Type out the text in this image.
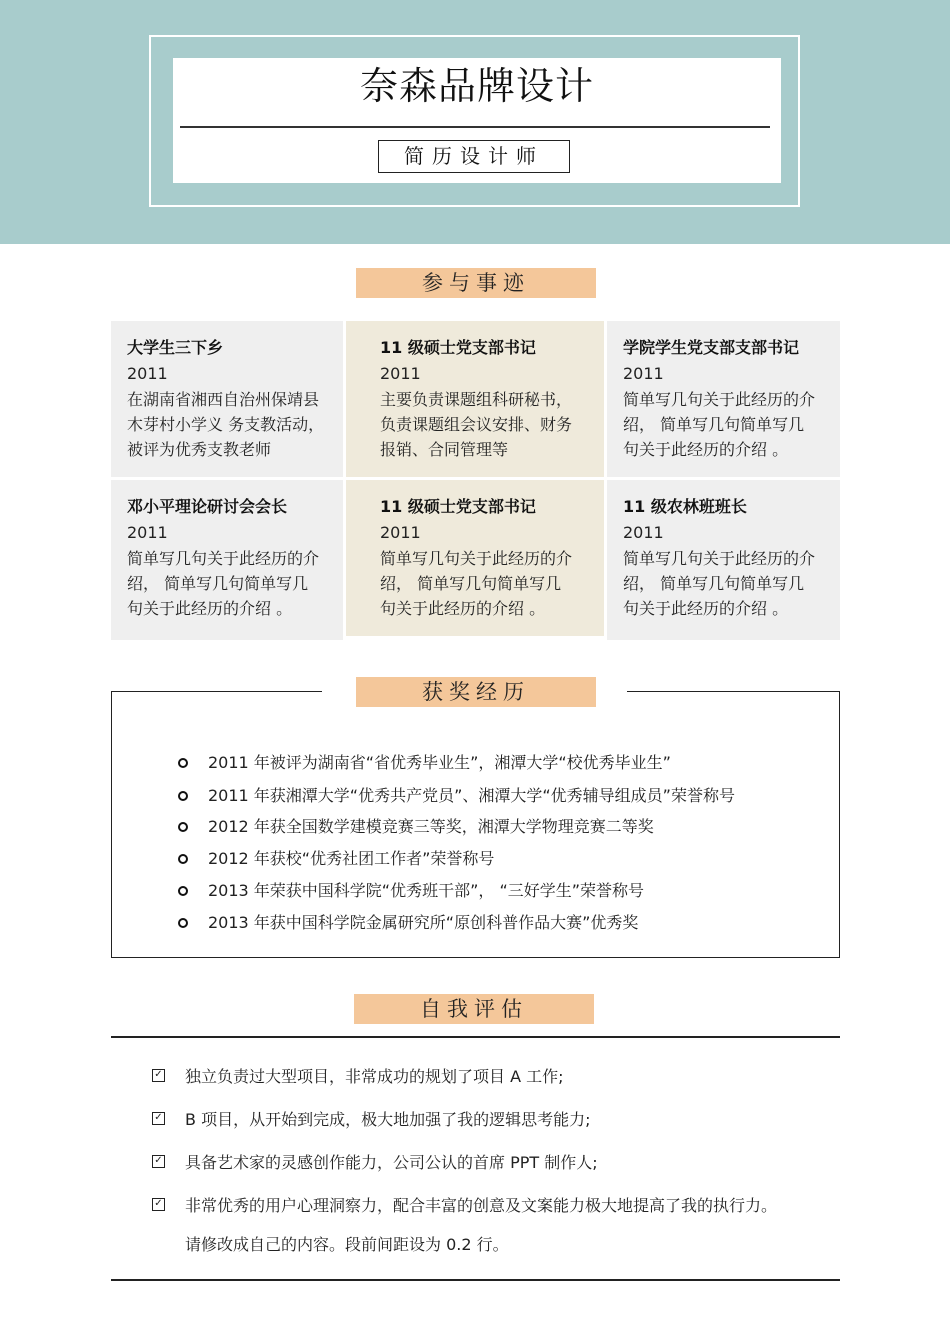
奈森品牌设计
简历设计师
参与事迹
大学生三下乡
2011
在湖南省湘西自治州保靖县
木芽村小学义 务支教活动，
被评为优秀支教老师
11 级硕士党支部书记
2011
主要负责课题组科研秘书，
负责课题组会议安排、财务
报销、合同管理等
学院学生党支部支部书记
2011
简单写几句关于此经历的介
绍， 简单写几句简单写几
句关于此经历的介绍 。
邓小平理论研讨会会长
2011
简单写几句关于此经历的介
绍， 简单写几句简单写几
句关于此经历的介绍 。
11 级硕士党支部书记
2011
简单写几句关于此经历的介
绍， 简单写几句简单写几
句关于此经历的介绍 。
11 级农林班班长
2011
简单写几句关于此经历的介
绍， 简单写几句简单写几
句关于此经历的介绍 。
获奖经历
2011 年被评为湖南省“省优秀毕业生”，湘潭大学“校优秀毕业生”
2011 年获湘潭大学“优秀共产党员”、湘潭大学“优秀辅导组成员”荣誉称号
2012 年获全国数学建模竞赛三等奖，湘潭大学物理竞赛二等奖
2012 年获校“优秀社团工作者”荣誉称号
2013 年荣获中国科学院“优秀班干部”， “三好学生”荣誉称号
2013 年获中国科学院金属研究所“原创科普作品大赛”优秀奖
自我评估
✓ 独立负责过大型项目，非常成功的规划了项目 A 工作;
✓ B 项目，从开始到完成，极大地加强了我的逻辑思考能力;
✓ 具备艺术家的灵感创作能力，公司公认的首席 PPT 制作人;
✓ 非常优秀的用户心理洞察力，配合丰富的创意及文案能力极大地提高了我的执行力。
请修改成自己的内容。段前间距设为 0.2 行。
